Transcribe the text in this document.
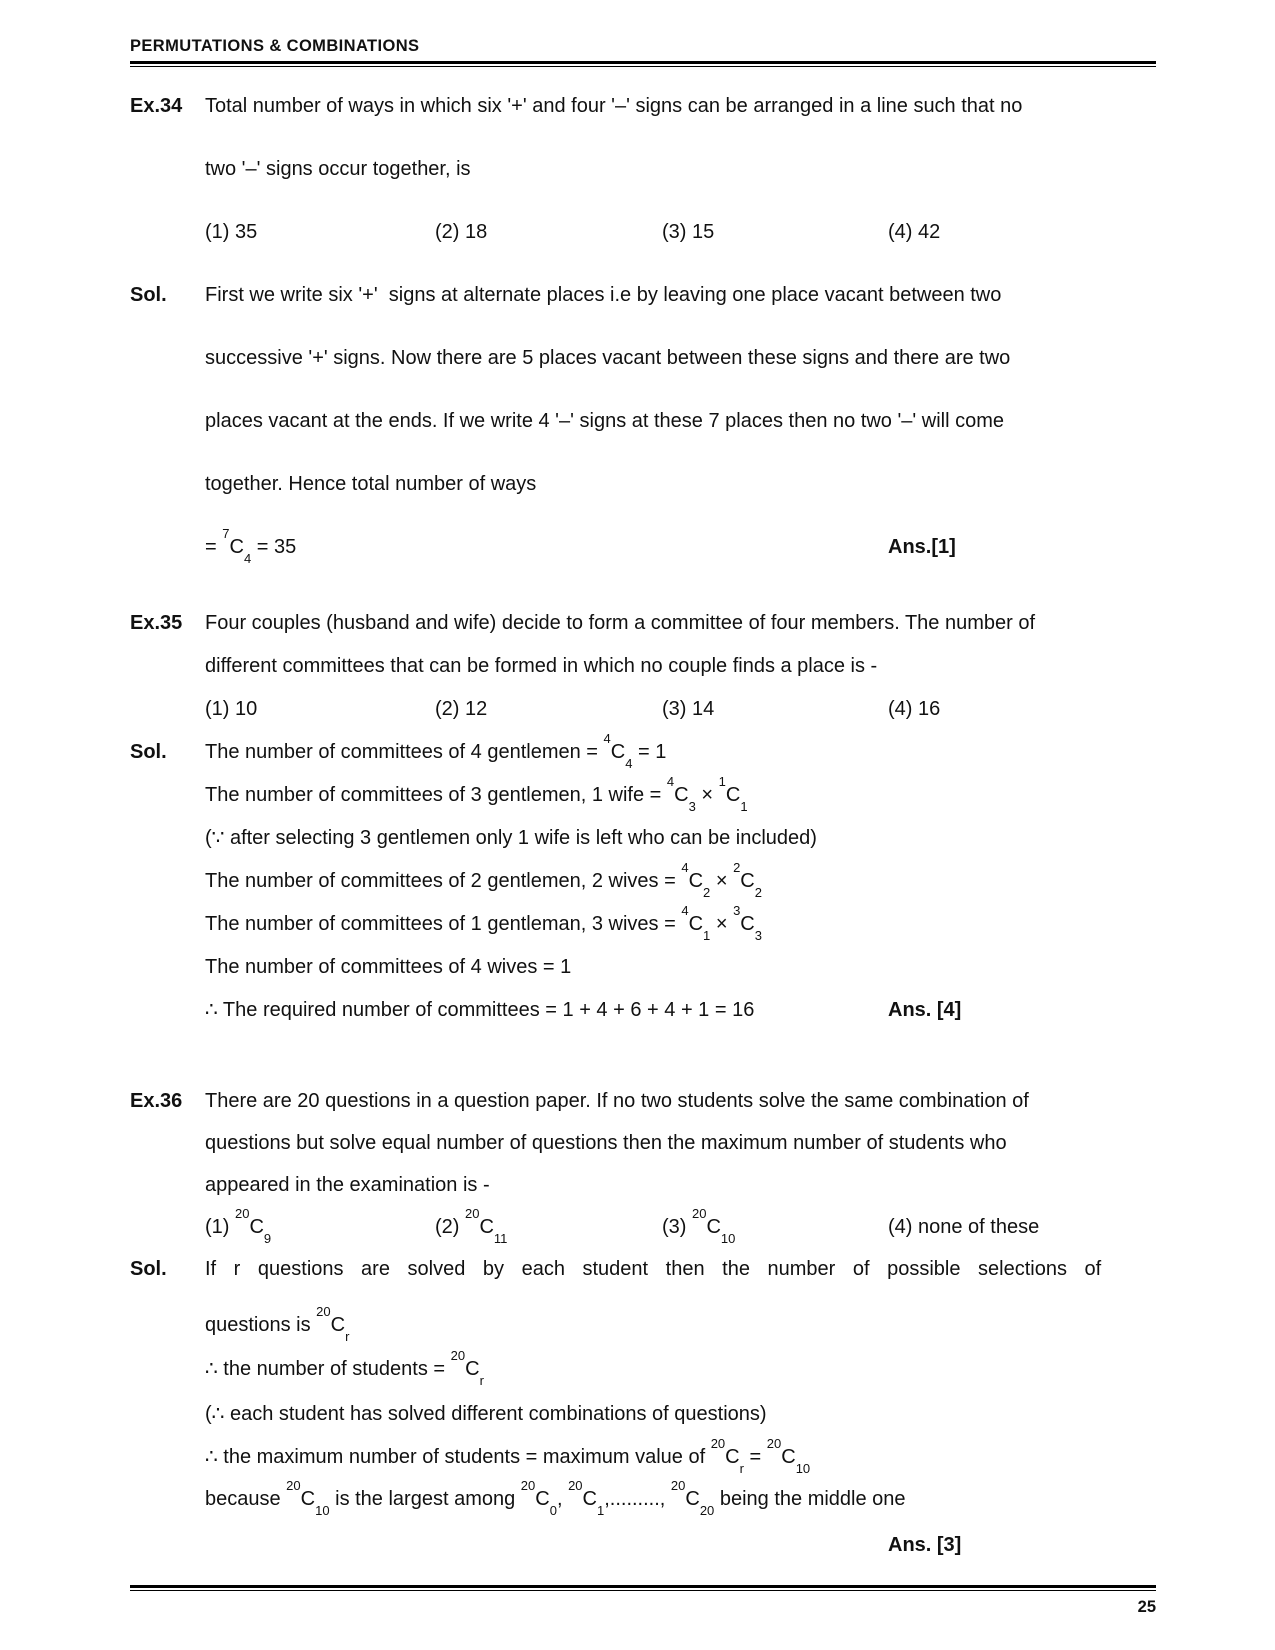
PERMUTATIONS & COMBINATIONS
Ex.34	Total number of ways in which six '+' and four '–' signs can be arranged in a line such that no
two '–' signs occur together, is
(1) 35	(2) 18	(3) 15	(4) 42
Sol.	First we write six '+'  signs at alternate places i.e by leaving one place vacant between two
successive '+' signs. Now there are 5 places vacant between these signs and there are two
places vacant at the ends. If we write 4 '–' signs at these 7 places then no two '–' will come
together. Hence total number of ways
= $^7C_4 = 35$	Ans.[1]
Ex.35	Four couples (husband and wife) decide to form a committee of four members. The number of
different committees that can be formed in which no couple finds a place is -
(1) 10	(2) 12	(3) 14	(4) 16
Sol.	The number of committees of 4 gentlemen = $^4C_4 = 1$
The number of committees of 3 gentlemen, 1 wife = $^4C_3 \times ^1C_1$
(∵ after selecting 3 gentlemen only 1 wife is left who can be included)
The number of committees of 2 gentlemen, 2 wives = $^4C_2 \times ^2C_2$
The number of committees of 1 gentleman, 3 wives = $^4C_1 \times ^3C_3$
The number of committees of 4 wives = 1
∴ The required number of committees = 1 + 4 + 6 + 4 + 1 = 16	Ans. [4]
Ex.36	There are 20 questions in a question paper. If no two students solve the same combination of
questions but solve equal number of questions then the maximum number of students who
appeared in the examination is -
(1) $^{20}C_9$
(2) $^{20}C_{11}$
(3) $^{20}C_{10}$
(4) none of these
Sol.	If r questions are solved by each student then the number of possible selections of
questions is $^{20}C_r$
∴ the number of students = $^{20}C_r$
(∴ each student has solved different combinations of questions)
∴ the maximum number of students = maximum value of $^{20}C_r = ^{20}C_{10}$
because $^{20}C_{10}$ is the largest among $^{20}C_0$, $^{20}C_1$,........., $^{20}C_{20}$ being the middle one
Ans. [3]
25
